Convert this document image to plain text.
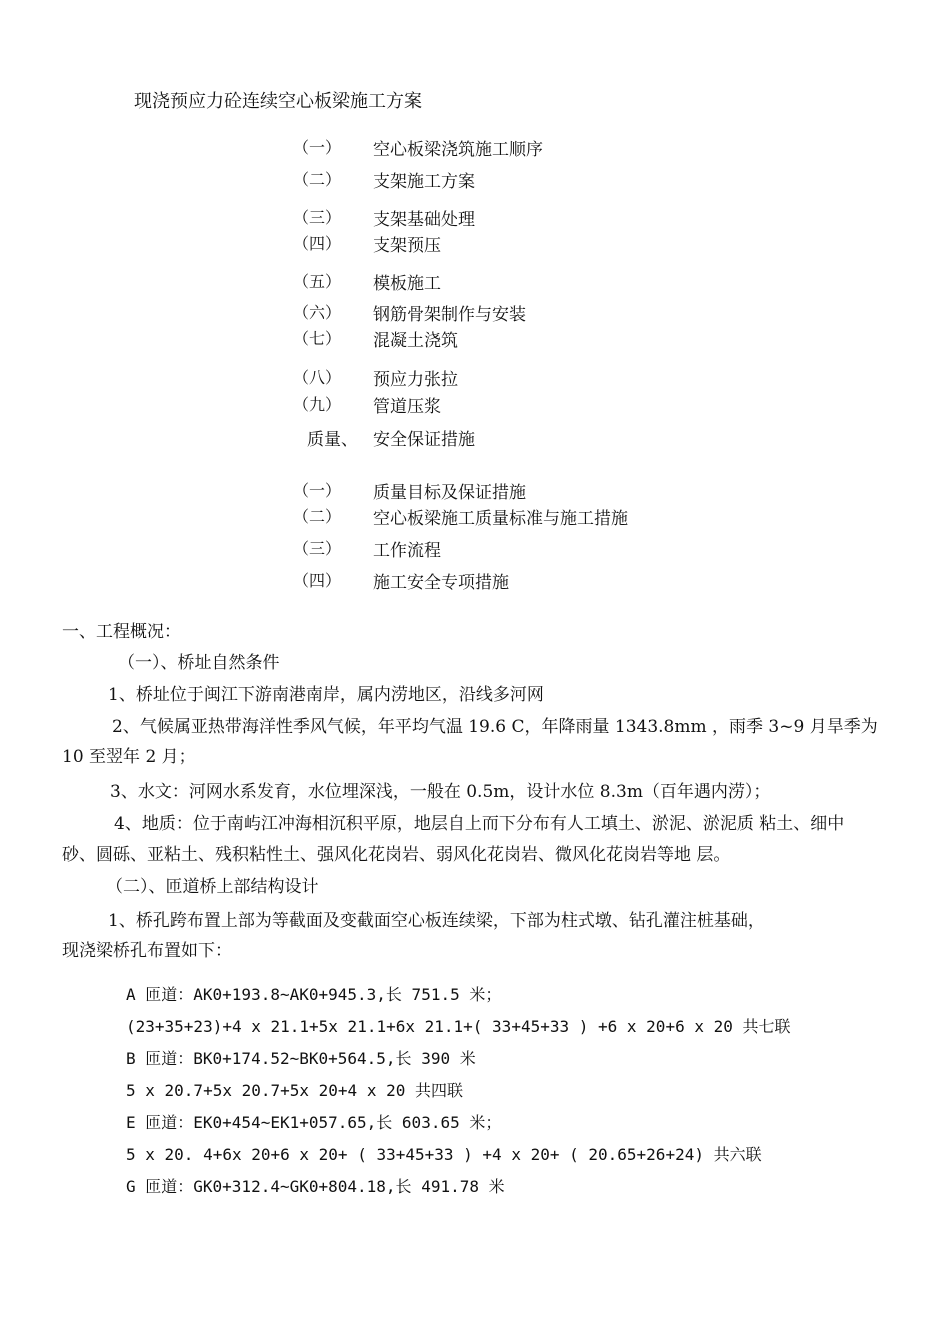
现浇预应力砼连续空心板梁施工方案
（一） 空心板梁浇筑施工顺序
（二） 支架施工方案
（三） 支架基础处理
（四） 支架预压
（五） 模板施工
（六） 钢筋骨架制作与安装
（七） 混凝土浇筑
（八） 预应力张拉
（九） 管道压浆
质量、 安全保证措施
（一） 质量目标及保证措施
（二） 空心板梁施工质量标准与施工措施
（三） 工作流程
（四） 施工安全专项措施
一、工程概况：
（一）、桥址自然条件
1、桥址位于闽江下游南港南岸，属内涝地区，沿线多河网
2、气候属亚热带海洋性季风气候，年平均气温 19.6 C，年降雨量 1343.8mm ，雨季 3~9 月旱季为
10 至翌年 2 月；
3、水文：河网水系发育，水位埋深浅，一般在 0.5m，设计水位 8.3m（百年遇内涝）；
4、地质：位于南屿江冲海相沉积平原，地层自上而下分布有人工填土、淤泥、淤泥质 粘土、细中
砂、圆砾、亚粘土、残积粘性土、强风化花岗岩、弱风化花岗岩、微风化花岗岩等地 层。
（二）、匝道桥上部结构设计
1、桥孔跨布置上部为等截面及变截面空心板连续梁，下部为柱式墩、钻孔灌注桩基础，
现浇梁桥孔布置如下：
A 匝道：AK0+193.8~AK0+945.3,长 751.5 米；
(23+35+23)+4 x 21.1+5x 21.1+6x 21.1+( 33+45+33 ) +6 x 20+6 x 20 共七联
B 匝道：BK0+174.52~BK0+564.5,长 390 米
5 x 20.7+5x 20.7+5x 20+4 x 20 共四联
E 匝道：EK0+454~EK1+057.65,长 603.65 米；
5 x 20. 4+6x 20+6 x 20+ ( 33+45+33 ) +4 x 20+ ( 20.65+26+24) 共六联
G 匝道：GK0+312.4~GK0+804.18,长 491.78 米
